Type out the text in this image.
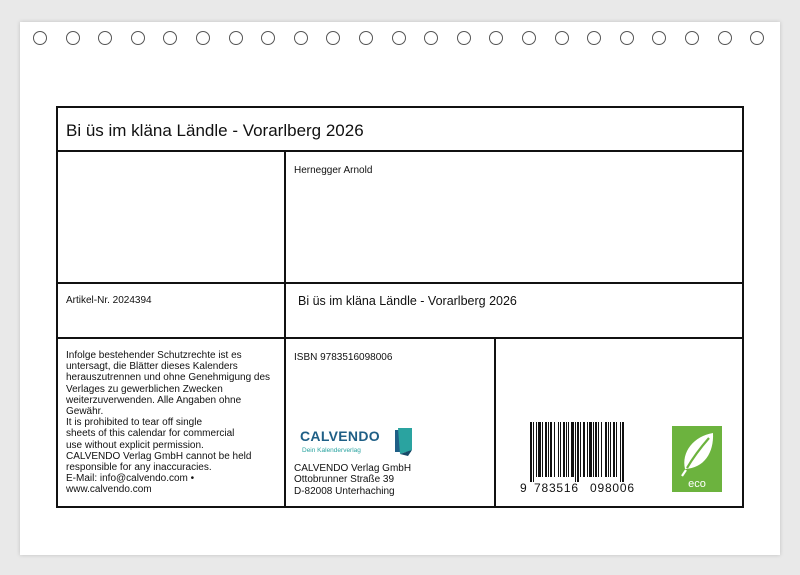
Bi üs im kläna Ländle - Vorarlberg 2026
Hernegger Arnold
Artikel-Nr. 2024394	Bi üs im kläna Ländle - Vorarlberg 2026
ISBN 9783516098006
Infolge bestehender Schutzrechte ist es
untersagt, die Blätter dieses Kalenders
herauszutrennen und ohne Genehmigung des
Verlages zu gewerblichen Zwecken
weiterzuverwenden. Alle Angaben ohne
Gewähr.
It is prohibited to tear off single
sheets of this calendar for commercial
use without explicit permission.
CALVENDO Verlag GmbH cannot be held
responsible for any inaccuracies.
E-Mail: info@calvendo.com •
www.calvendo.com
CALVENDO
Dein Kalenderverlag
CALVENDO Verlag GmbH
Ottobrunner Straße 39
D-82008 Unterhaching	9 783516 098006	eco
